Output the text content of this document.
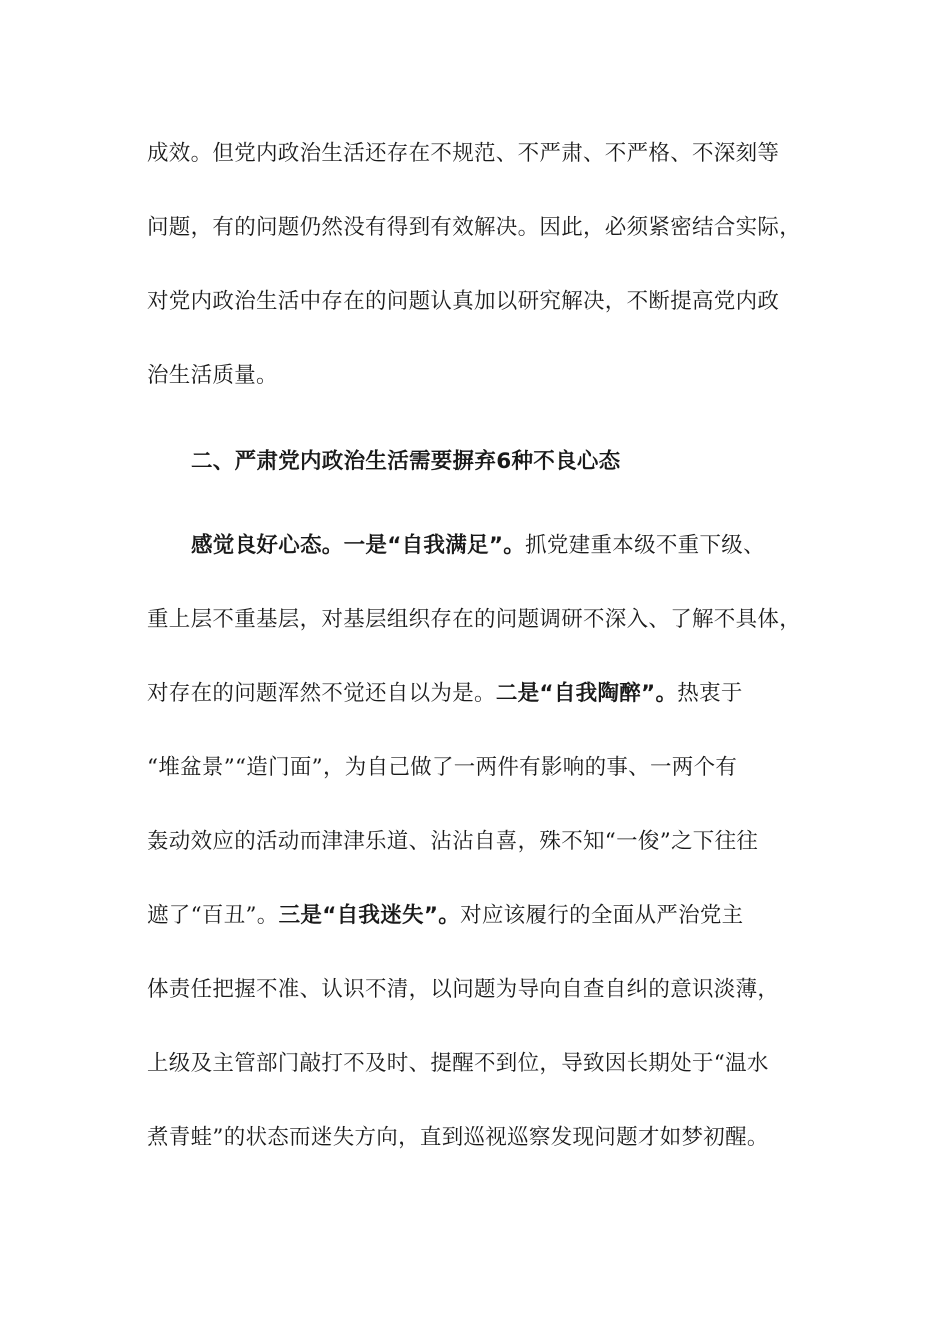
成效。但党内政治生活还存在不规范、不严肃、不严格、不深刻等
问题，有的问题仍然没有得到有效解决。因此，必须紧密结合实际，
对党内政治生活中存在的问题认真加以研究解决，不断提高党内政
治生活质量。
二、严肃党内政治生活需要摒弃6种不良心态
感觉良好心态。一是“自我满足”。抓党建重本级不重下级、
重上层不重基层，对基层组织存在的问题调研不深入、了解不具体，
对存在的问题浑然不觉还自以为是。二是“自我陶醉”。热衷于
“堆盆景”“造门面”，为自己做了一两件有影响的事、一两个有
轰动效应的活动而津津乐道、沾沾自喜，殊不知“一俊”之下往往
遮了“百丑”。三是“自我迷失”。对应该履行的全面从严治党主
体责任把握不准、认识不清，以问题为导向自查自纠的意识淡薄，
上级及主管部门敲打不及时、提醒不到位，导致因长期处于“温水
煮青蛙”的状态而迷失方向，直到巡视巡察发现问题才如梦初醒。
